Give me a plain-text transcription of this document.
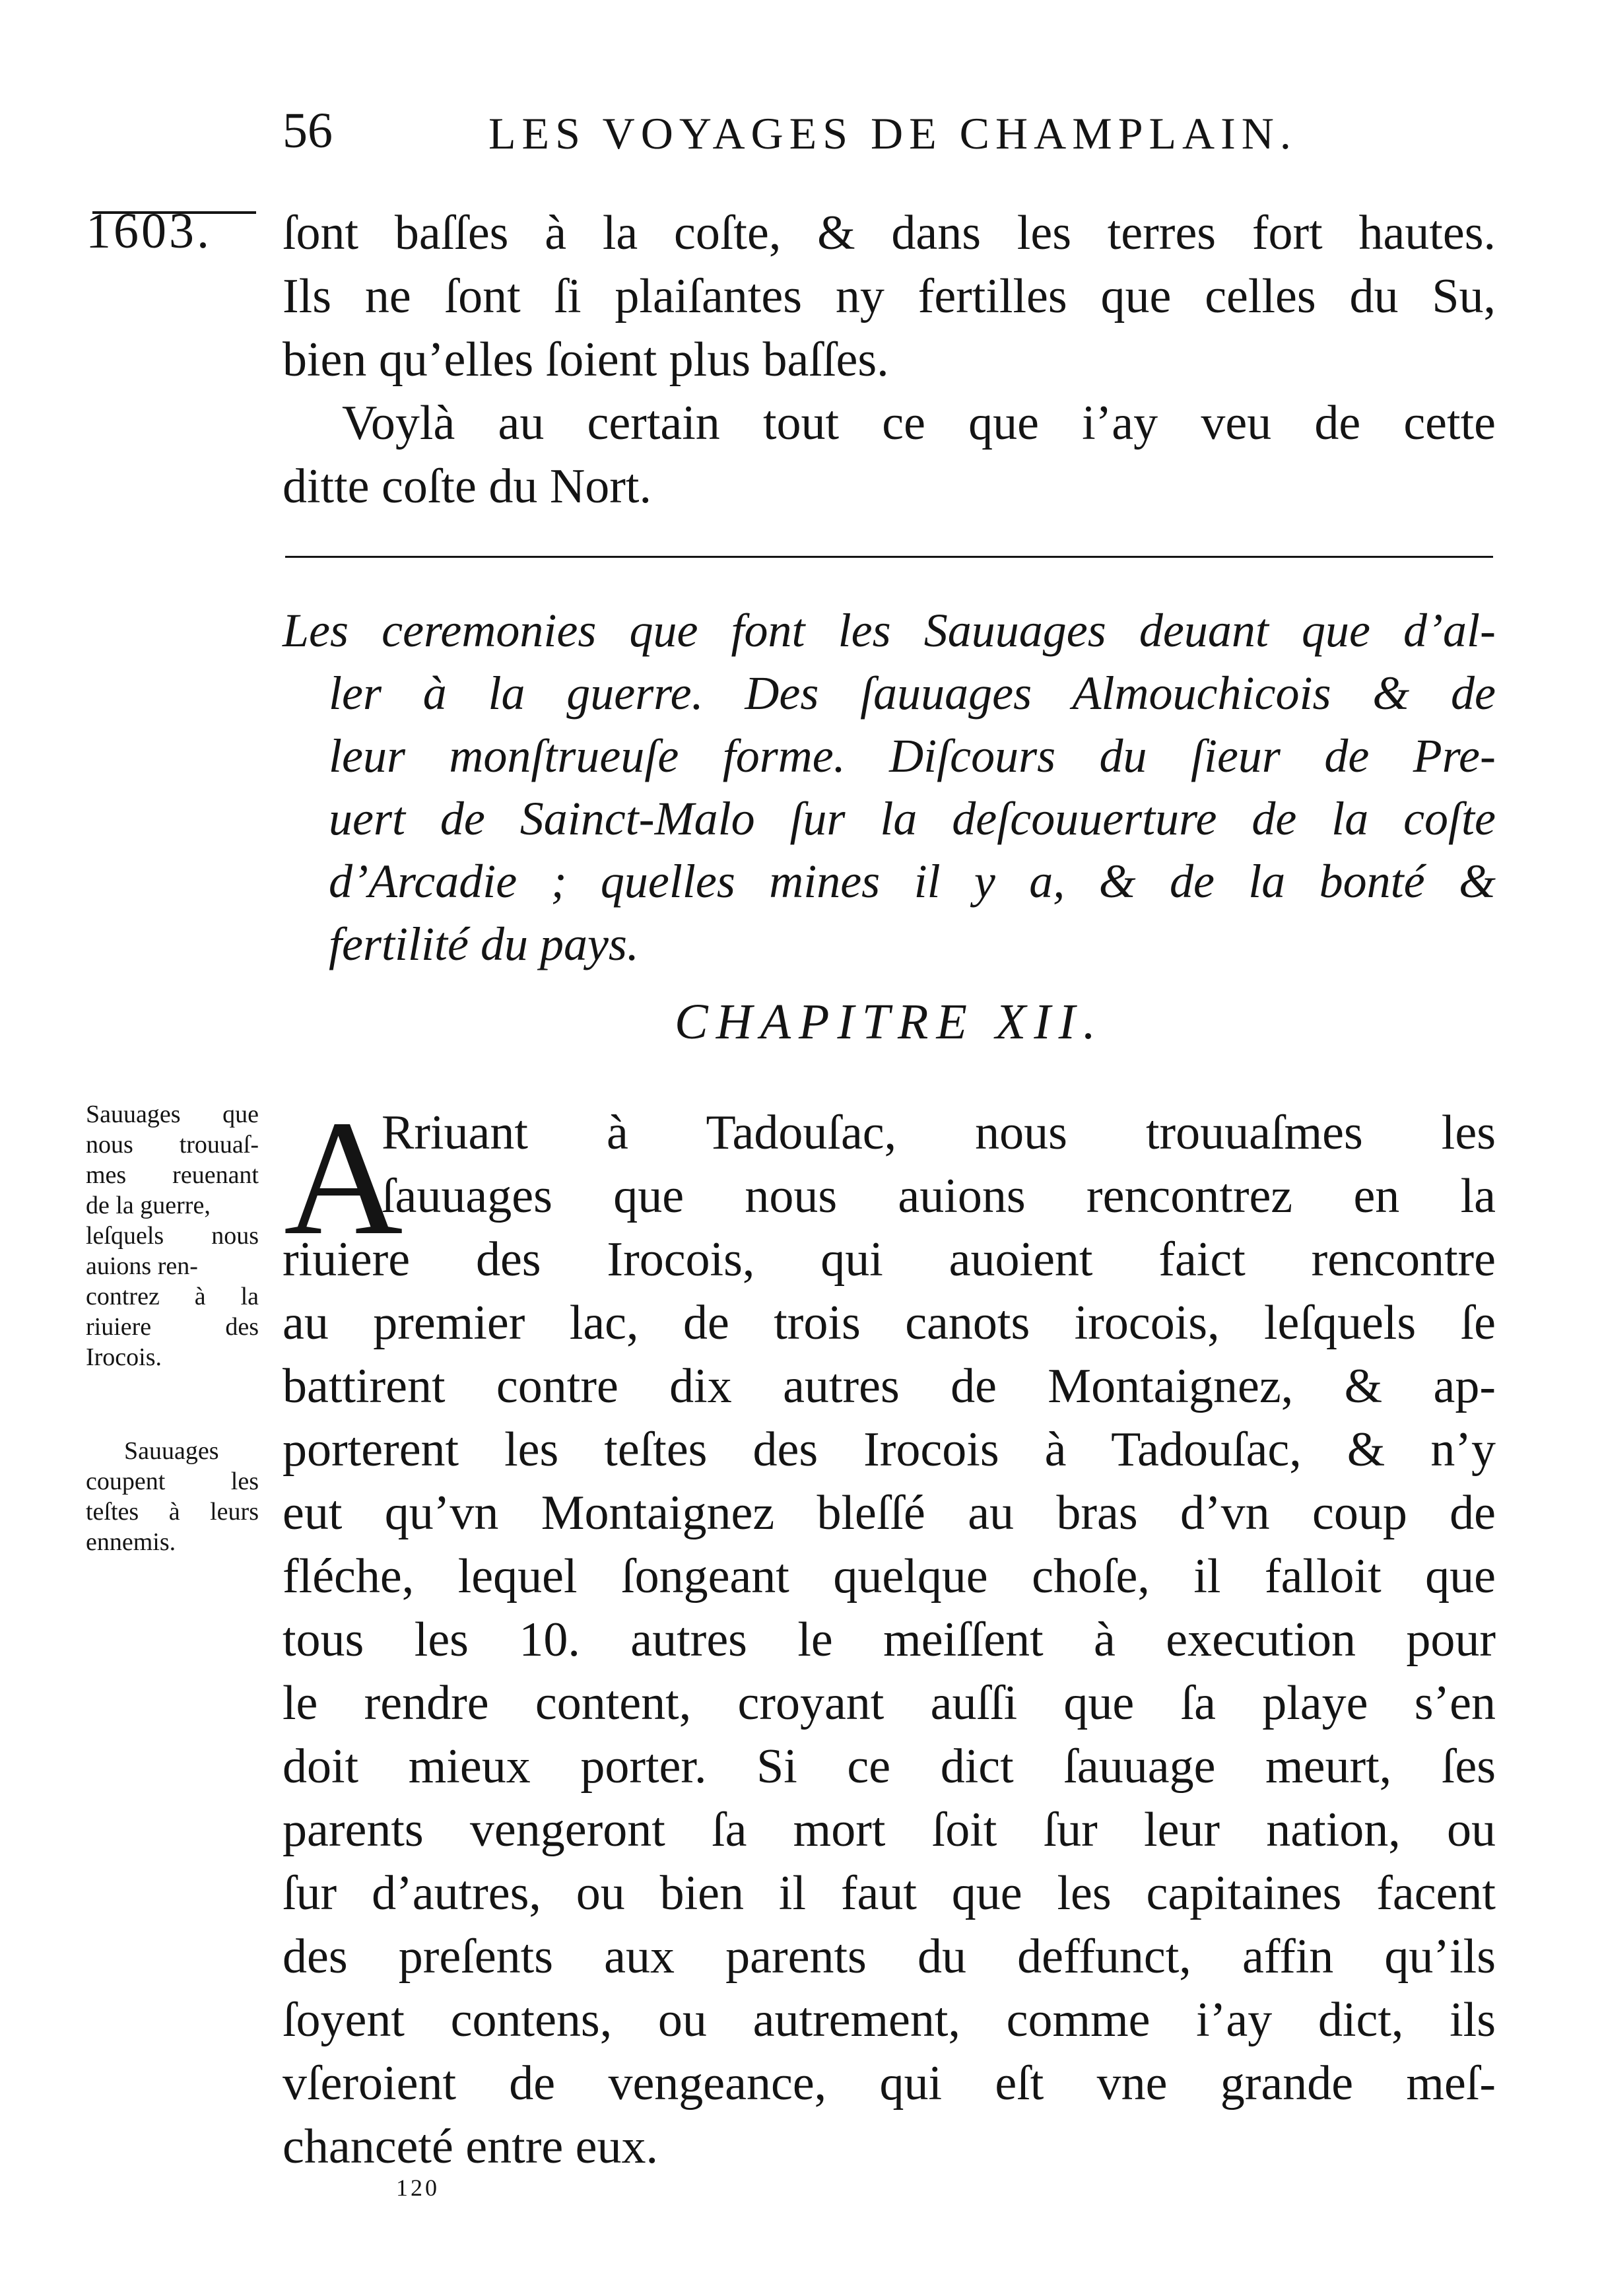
56	LES VOYAGES DE CHAMPLAIN.
1603. ſont baſſes à la coſte, & dans les terres fort hautes.
Ils ne ſont ſi plaiſantes ny fertilles que celles du Su,
bien qu’elles ſoient plus baſſes.
Voylà au certain tout ce que i’ay veu de cette
ditte coſte du Nort.
Les ceremonies que font les Sauuages deuant que d’al-
ler à la guerre. Des ſauuages Almouchicois & de
leur monſtrueuſe forme. Diſcours du ſieur de Pre-
uert de Sainct-Malo ſur la deſcouuerture de la coſte
d’Arcadie ; quelles mines il y a, & de la bonté &
fertilité du pays.
CHAPITRE XII.
A
Rriuant à Tadouſac, nous trouuaſmes les
ſauuages que nous auions rencontrez en la
riuiere des Irocois, qui auoient faict rencontre
au premier lac, de trois canots irocois, leſquels ſe
battirent contre dix autres de Montaignez, & ap-
porterent les teſtes des Irocois à Tadouſac, & n’y
eut qu’vn Montaignez bleſſé au bras d’vn coup de
fléche, lequel ſongeant quelque choſe, il falloit que
tous les 10. autres le meiſſent à execution pour
le rendre content, croyant auſſi que ſa playe s’en
doit mieux porter. Si ce dict ſauuage meurt, ſes
parents vengeront ſa mort ſoit ſur leur nation, ou
ſur d’autres, ou bien il faut que les capitaines facent
des preſents aux parents du deffunct, affin qu’ils
ſoyent contens, ou autrement, comme i’ay dict, ils
vſeroient de vengeance, qui eſt vne grande meſ-
chanceté entre eux.
Sauuages que
nous trouuaſ-
mes reuenant
de la guerre,
leſquels nous
auions ren-
contrez à la
riuiere des
Irocois.
Sauuages
coupent les
teſtes à leurs
ennemis.
120
